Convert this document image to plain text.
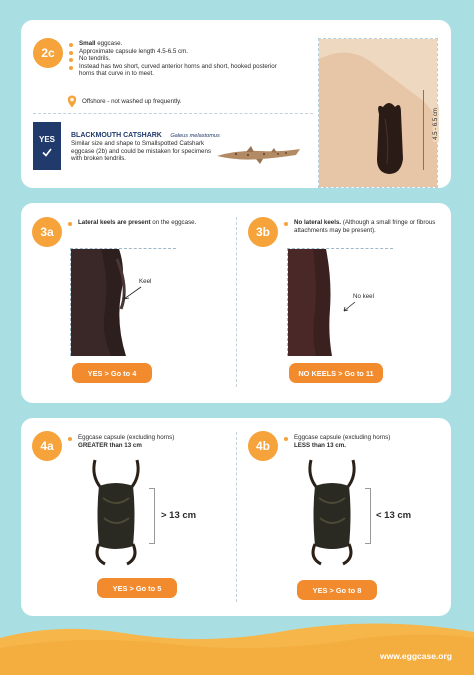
2c
Small eggcase.
Approximate capsule length 4.5-6.5 cm.
No tendrils.
Instead has two short, curved anterior horns and short, hooked posterior horns that curve in to meet.
Offshore - not washed up frequently.
YES BLACKMOUTH CATSHARK Galeus melastomus
Similar size and shape to Smallspotted Catshark eggcase (2b) and could be mistaken for specimens with broken tendrils.
4.5 - 6.5 cm
3a
Lateral keels are present on the eggcase.
Keel
YES > Go to 4
3b
No lateral keels. (Although a small fringe or fibrous attachments may be present).
No keel
NO KEELS > Go to 11
4a
Eggcase capsule (excluding horns)
GREATER than 13 cm
> 13 cm
YES > Go to 5
4b
Eggcase capsule (excluding horns)
LESS than 13 cm.
< 13 cm
YES > Go to 8
www.eggcase.org
